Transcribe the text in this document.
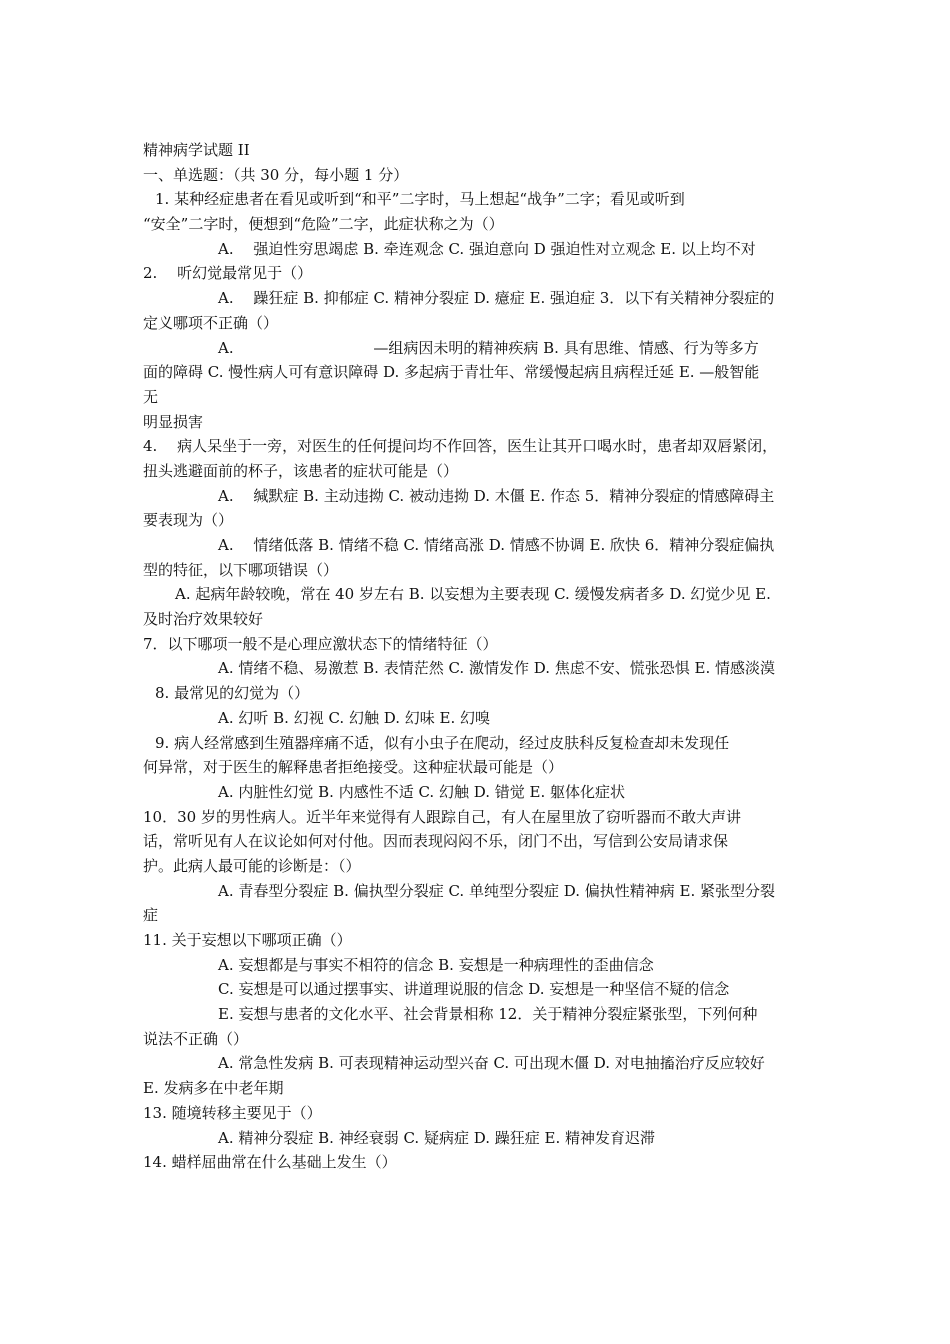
精神病学试题 II
一、单选题：（共 30 分，每小题 1 分）
1. 某种经症患者在看见或听到“和平”二字时，马上想起“战争”二字；看见或听到
“安全”二字时，便想到“危险”二字，此症状称之为（）
A.　 强迫性穷思竭虑 B. 牵连观念 C. 强迫意向 D 强迫性对立观念 E. 以上均不对
2.　 听幻觉最常见于（）
A.　 躁狂症 B. 抑郁症 C. 精神分裂症 D. 癔症 E. 强迫症 3．以下有关精神分裂症的
定义哪项不正确（）
A.　　　　　　　　　 —组病因未明的精神疾病 B. 具有思维、情感、行为等多方
面的障碍 C. 慢性病人可有意识障碍 D. 多起病于青壮年、常缓慢起病且病程迁延 E. —般智能
无
明显损害
4.　 病人呆坐于一旁，对医生的任何提问均不作回答，医生让其开口喝水时，患者却双唇紧闭，
扭头逃避面前的杯子，该患者的症状可能是（）
A.　 缄默症 B. 主动违拗 C. 被动违拗 D. 木僵 E. 作态 5．精神分裂症的情感障碍主
要表现为（）
A.　 情绪低落 B. 情绪不稳 C. 情绪高涨 D. 情感不协调 E. 欣快 6．精神分裂症偏执
型的特征，以下哪项错误（）
A. 起病年龄较晚，常在 40 岁左右 B. 以妄想为主要表现 C. 缓慢发病者多 D. 幻觉少见 E.
及时治疗效果较好
7．以下哪项一般不是心理应激状态下的情绪特征（）
A. 情绪不稳、易激惹 B. 表情茫然 C. 激情发作 D. 焦虑不安、慌张恐惧 E. 情感淡漠
8. 最常见的幻觉为（）
A. 幻听 B. 幻视 C. 幻触 D. 幻味 E. 幻嗅
9. 病人经常感到生殖器痒痛不适，似有小虫子在爬动，经过皮肤科反复检查却未发现任
何异常，对于医生的解释患者拒绝接受。这种症状最可能是（）
A. 内脏性幻觉 B. 内感性不适 C. 幻触 D. 错觉 E. 躯体化症状
10．30 岁的男性病人。近半年来觉得有人跟踪自己，有人在屋里放了窃听器而不敢大声讲
话，常听见有人在议论如何对付他。因而表现闷闷不乐，闭门不出，写信到公安局请求保
护。此病人最可能的诊断是：（）
A. 青春型分裂症 B. 偏执型分裂症 C. 单纯型分裂症 D. 偏执性精神病 E. 紧张型分裂
症
11. 关于妄想以下哪项正确（）
A. 妄想都是与事实不相符的信念 B. 妄想是一种病理性的歪曲信念
C. 妄想是可以通过摆事实、讲道理说服的信念 D. 妄想是一种坚信不疑的信念
E. 妄想与患者的文化水平、社会背景相称 12．关于精神分裂症紧张型，下列何种
说法不正确（）
A. 常急性发病 B. 可表现精神运动型兴奋 C. 可出现木僵 D. 对电抽搐治疗反应较好
E. 发病多在中老年期
13. 随境转移主要见于（）
A. 精神分裂症 B. 神经衰弱 C. 疑病症 D. 躁狂症 E. 精神发育迟滞
14. 蜡样屈曲常在什么基础上发生（）
